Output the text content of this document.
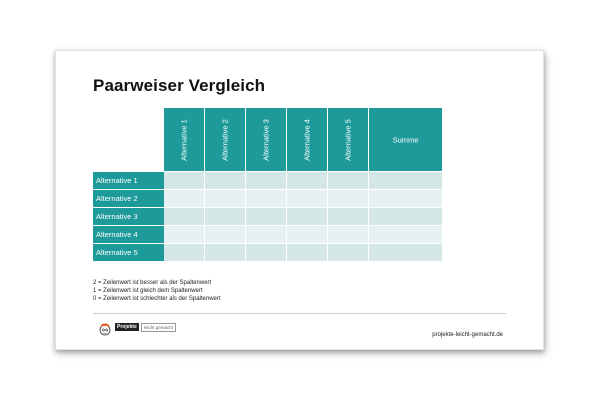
Paarweiser Vergleich

	Alternative 1	Alternative 2	Alternative 3	Alternative 4	Alternative 5	Summe

Alternative 1						
Alternative 2						
Alternative 3						
Alternative 4						
Alternative 5						
2 = Zeilenwert ist besser als der Spaltenwert
1 = Zeilenwert ist gleich dem Spaltenwert
0 = Zeilenwert ist schlechter als der Spaltenwert
Projekte	leicht gemacht
projekte-leicht-gemacht.de
